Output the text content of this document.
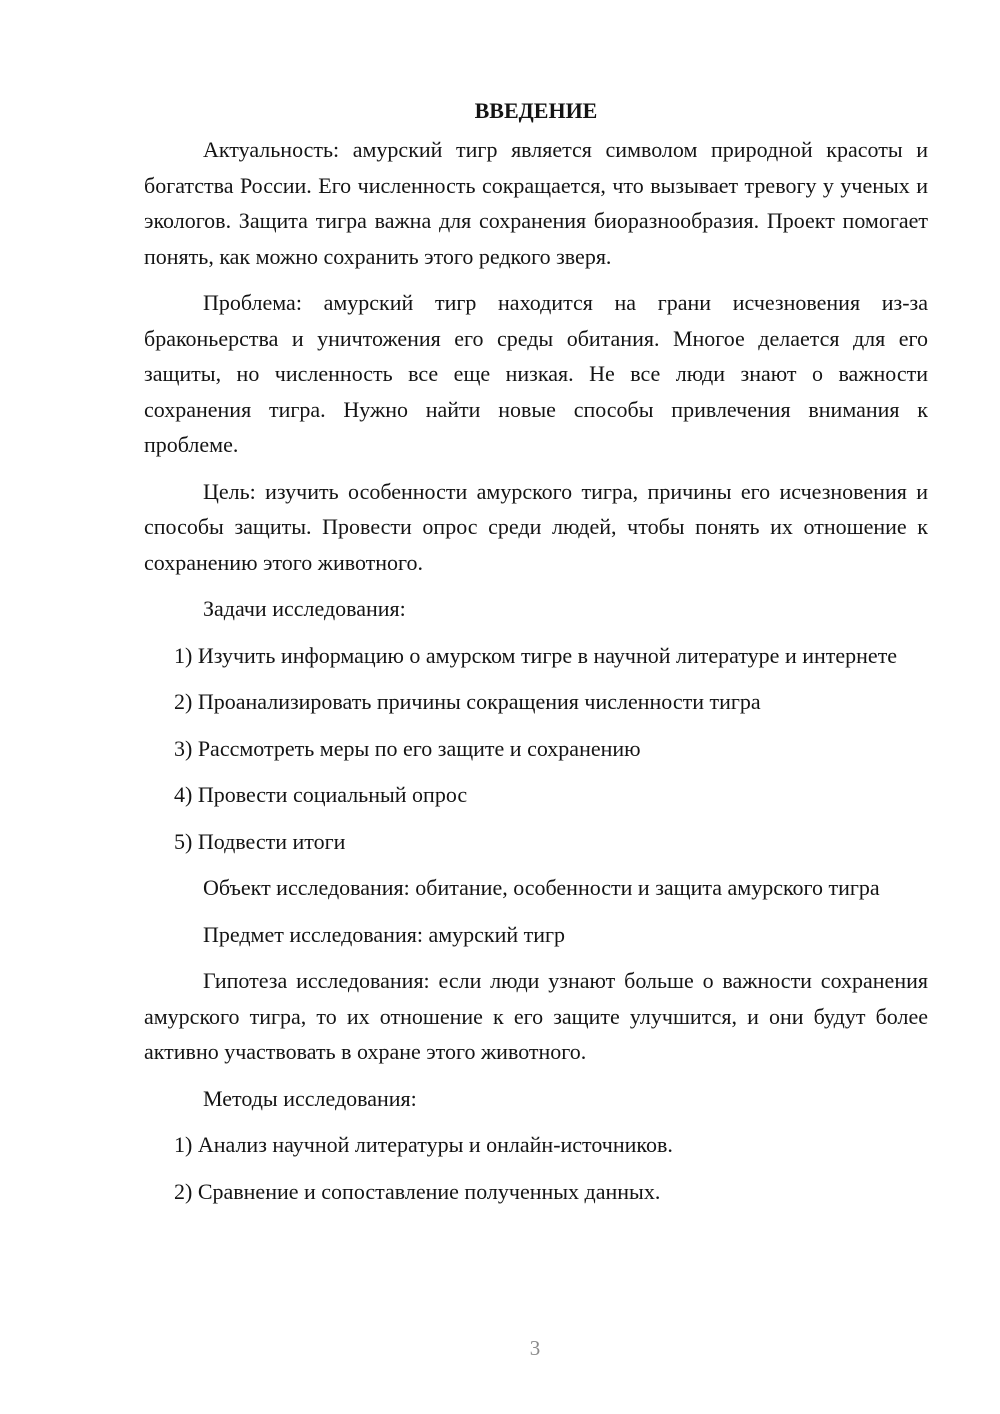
ВВЕДЕНИЕ

Актуальность: амурский тигр является символом природной красоты и богатства России. Его численность сокращается, что вызывает тревогу у ученых и экологов. Защита тигра важна для сохранения биоразнообразия. Проект помогает понять, как можно сохранить этого редкого зверя.

Проблема: амурский тигр находится на грани исчезновения из-за браконьерства и уничтожения его среды обитания. Многое делается для его защиты, но численность все еще низкая. Не все люди знают о важности сохранения тигра. Нужно найти новые способы привлечения внимания к проблеме.

Цель: изучить особенности амурского тигра, причины его исчезновения и способы защиты. Провести опрос среди людей, чтобы понять их отношение к сохранению этого животного.

Задачи исследования:

1) Изучить информацию о амурском тигре в научной литературе и интернете

2) Проанализировать причины сокращения численности тигра

3) Рассмотреть меры по его защите и сохранению

4) Провести социальный опрос

5) Подвести итоги

Объект исследования: обитание, особенности и защита амурского тигра

Предмет исследования: амурский тигр

Гипотеза исследования: если люди узнают больше о важности сохранения амурского тигра, то их отношение к его защите улучшится, и они будут более активно участвовать в охране этого животного.

Методы исследования:

1) Анализ научной литературы и онлайн-источников.

2) Сравнение и сопоставление полученных данных.

3
